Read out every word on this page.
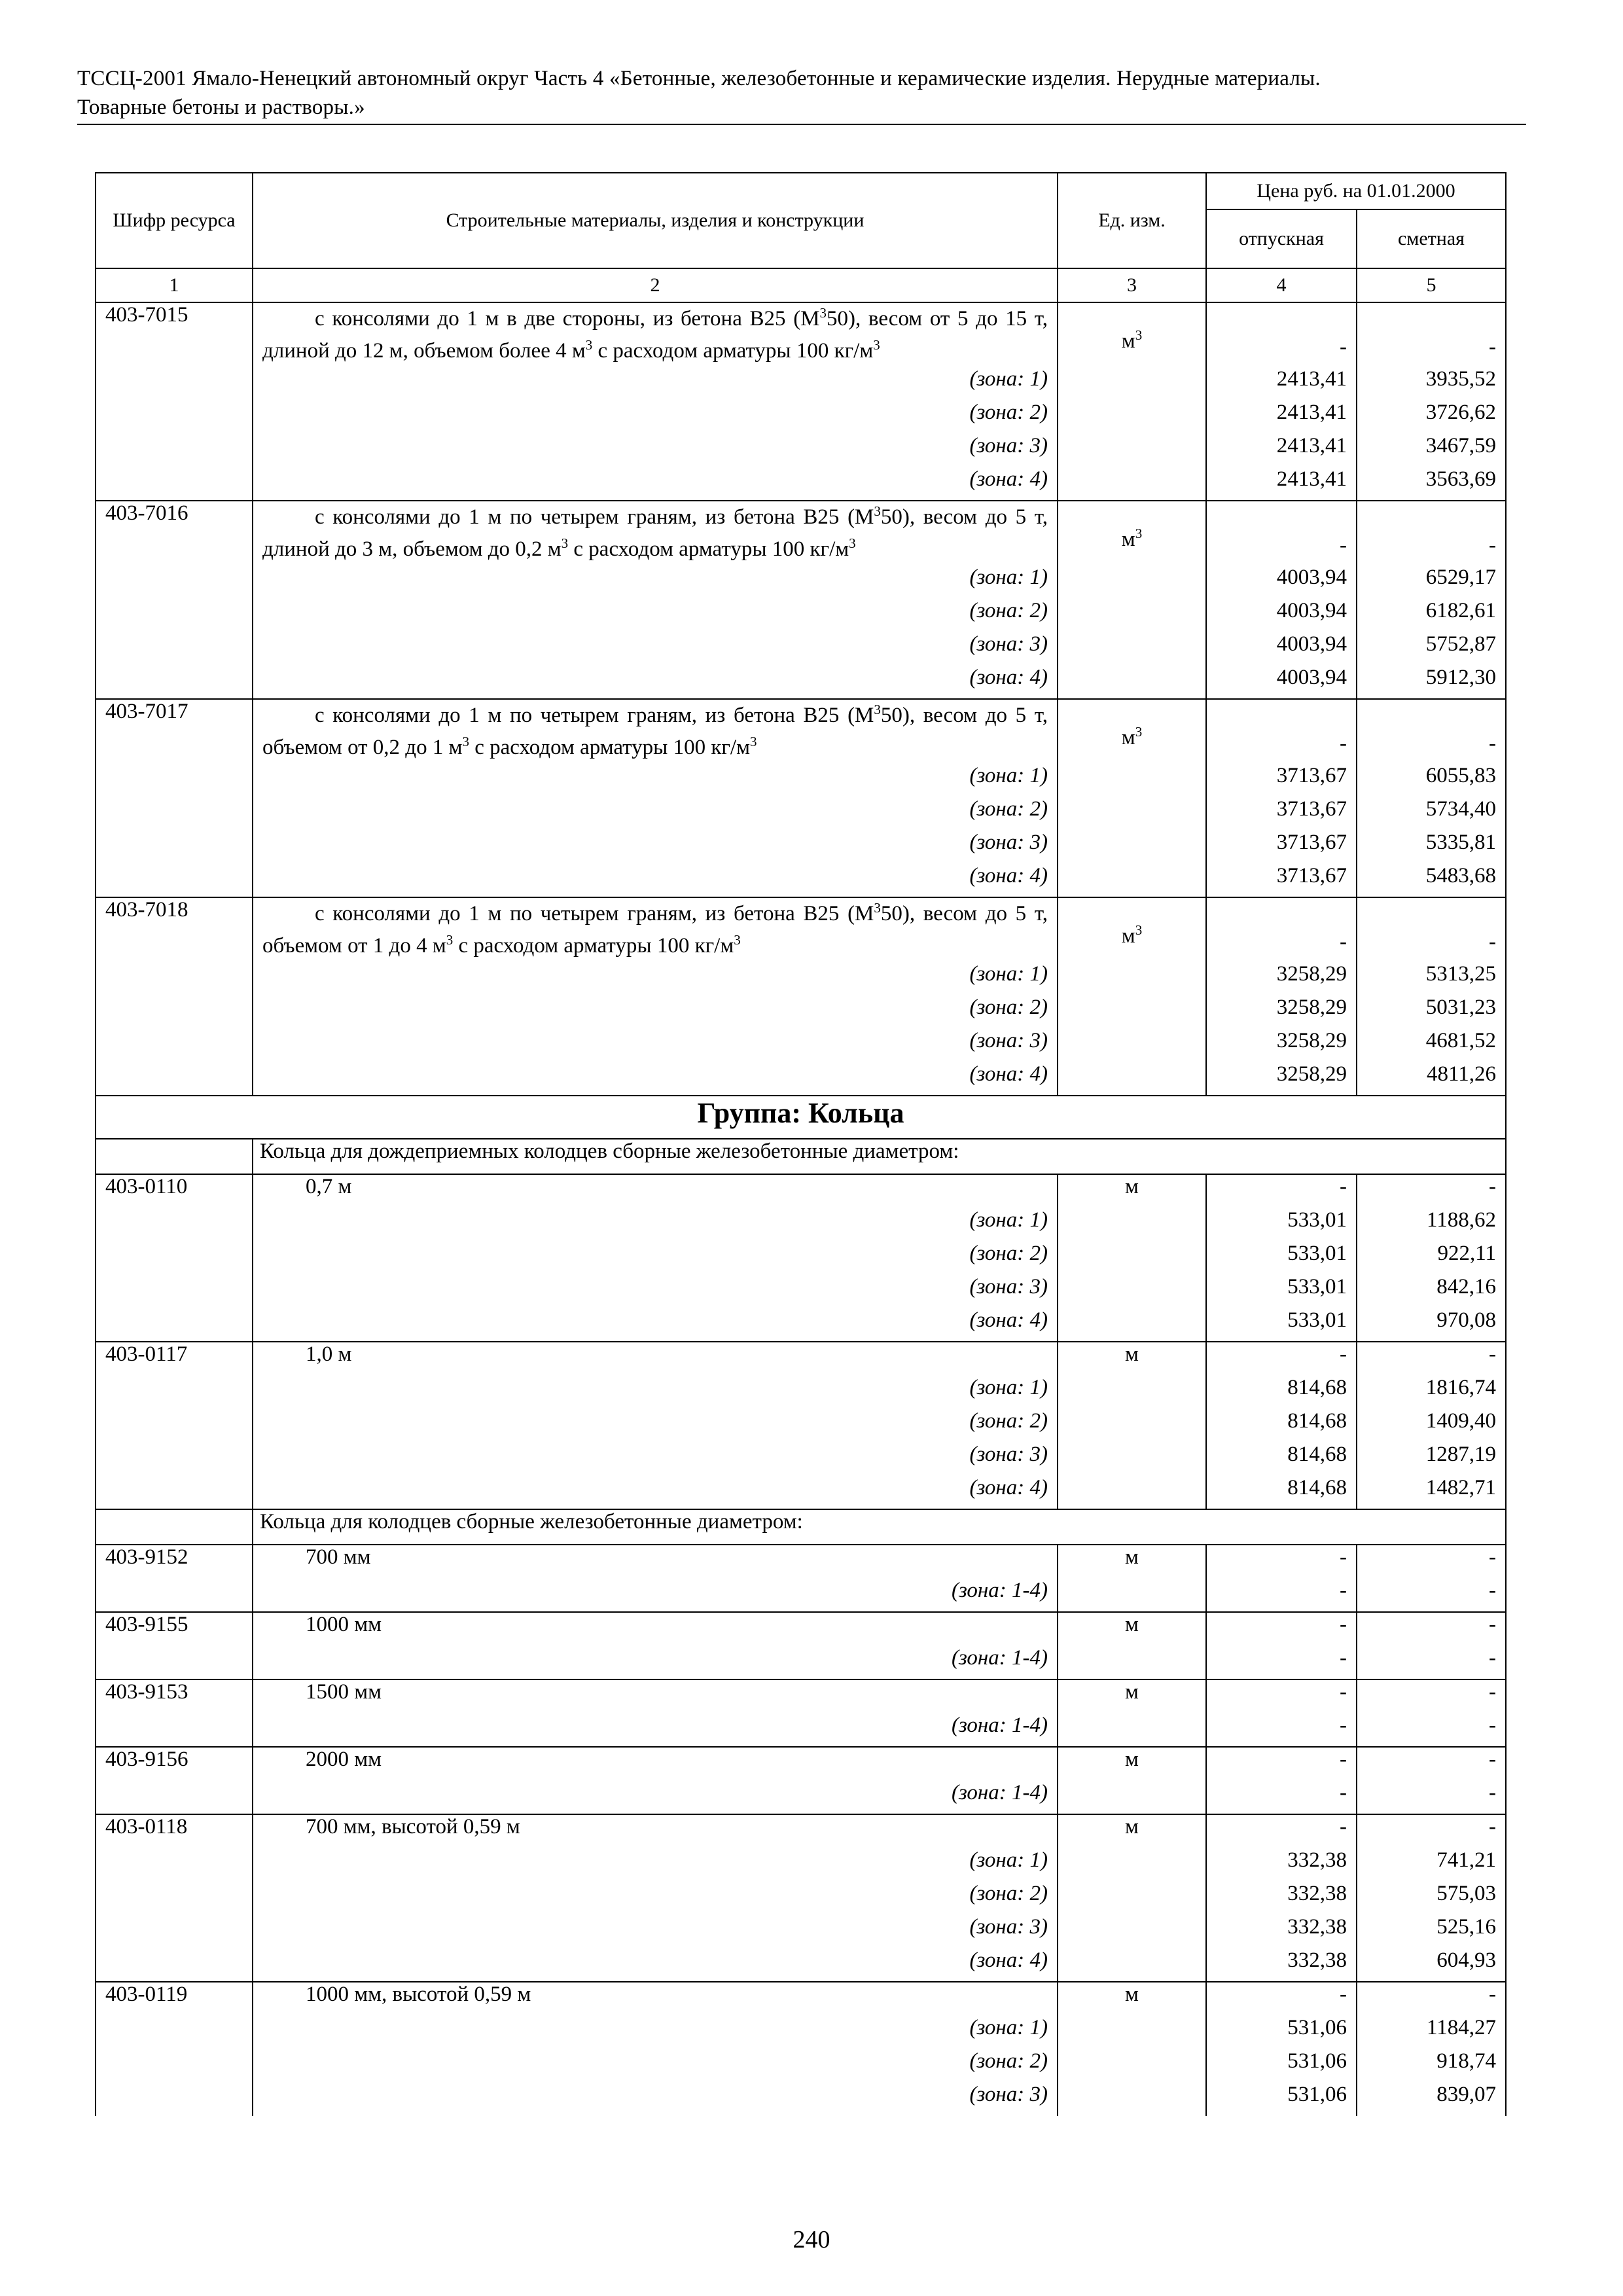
ТССЦ-2001 Ямало-Ненецкий автономный округ Часть 4 «Бетонные, железобетонные и керамические изделия. Нерудные материалы.
Товарные бетоны и растворы.»
Шифр ресурса	Строительные материалы, изделия и конструкции	Ед. изм.	Цена руб. на 01.01.2000	
			отпускная	сметная
1	2	3	4	5
403-7015	с консолями до 1 м в две стороны, из бетона В25 $(М^350)$, весом от 5 до 15 т, длиной до 12 м, объемом более 4 $м^3$ с расходом арматуры 100 $кг/м^3$	$м^3$	-	-
	(зона: 1)		2413,41	3935,52
	(зона: 2)		2413,41	3726,62
	(зона: 3)		2413,41	3467,59
	(зона: 4)		2413,41	3563,69
403-7016	с консолями до 1 м по четырем граням, из бетона В25 $(М^350)$, весом до 5 т, длиной до 3 м, объемом до 0,2 $м^3$ с расходом арматуры 100 $кг/м^3$	$м^3$	-	-
	(зона: 1)		4003,94	6529,17
	(зона: 2)		4003,94	6182,61
	(зона: 3)		4003,94	5752,87
	(зона: 4)		4003,94	5912,30
403-7017	с консолями до 1 м по четырем граням, из бетона В25 $(М^350)$, весом до 5 т, объемом от 0,2 до 1 $м^3$ с расходом арматуры 100 $кг/м^3$	$м^3$	-	-
	(зона: 1)		3713,67	6055,83
	(зона: 2)		3713,67	5734,40
	(зона: 3)		3713,67	5335,81
	(зона: 4)		3713,67	5483,68
403-7018	с консолями до 1 м по четырем граням, из бетона В25 $(М^350)$, весом до 5 т, объемом от 1 до 4 $м^3$ с расходом арматуры 100 $кг/м^3$	$м^3$	-	-
	(зона: 1)		3258,29	5313,25
	(зона: 2)		3258,29	5031,23
	(зона: 3)		3258,29	4681,52
	(зона: 4)		3258,29	4811,26
Группа: Кольца				
	Кольца для дождеприемных колодцев сборные железобетонные диаметром:			
403-0110	0,7 м	м	-	-
	(зона: 1)		533,01	1188,62
	(зона: 2)		533,01	922,11
	(зона: 3)		533,01	842,16
	(зона: 4)		533,01	970,08
403-0117	1,0 м	м	-	-
	(зона: 1)		814,68	1816,74
	(зона: 2)		814,68	1409,40
	(зона: 3)		814,68	1287,19
	(зона: 4)		814,68	1482,71
	Кольца для колодцев сборные железобетонные диаметром:			
403-9152	700 мм	м	-	-
	(зона: 1-4)		-	-
403-9155	1000 мм	м	-	-
	(зона: 1-4)		-	-
403-9153	1500 мм	м	-	-
	(зона: 1-4)		-	-
403-9156	2000 мм	м	-	-
	(зона: 1-4)		-	-
403-0118	700 мм, высотой 0,59 м	м	-	-
	(зона: 1)		332,38	741,21
	(зона: 2)		332,38	575,03
	(зона: 3)		332,38	525,16
	(зона: 4)		332,38	604,93
403-0119	1000 мм, высотой 0,59 м	м	-	-
	(зона: 1)		531,06	1184,27
	(зона: 2)		531,06	918,74
	(зона: 3)		531,06	839,07
240
